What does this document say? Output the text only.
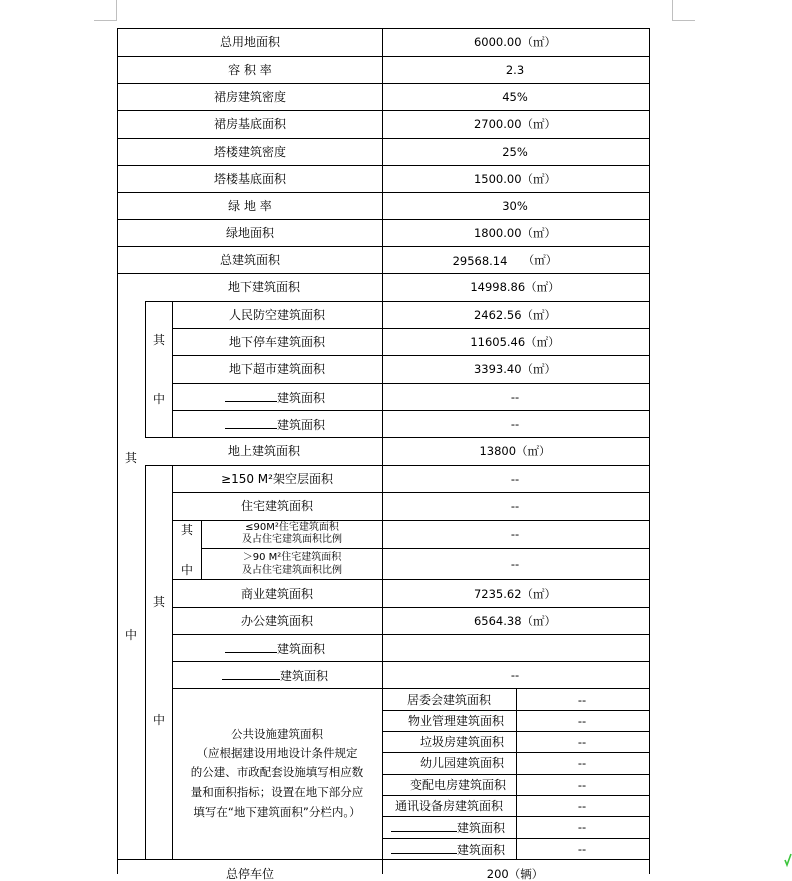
总用地面积	6000.00（㎡）
容 积 率	2.3
裙房建筑密度	45%
裙房基底面积	2700.00（㎡）
塔楼建筑密度	25%
塔楼基底面积	1500.00（㎡）
绿 地 率	30%
绿地面积	1800.00（㎡）
总建筑面积	29568.14 （㎡）
其
中
地下建筑面积	14998.86（㎡）
其
中
人民防空建筑面积	2462.56（㎡）
地下停车建筑面积	11605.46（㎡）
地下超市建筑面积	3393.40（㎡）
建筑面积	--
建筑面积	--
地上建筑面积	13800（㎡）
其
中
≥150 M²架空层面积	--
住宅建筑面积	--
其
中
≤90M²住宅建筑面积
及占住宅建筑面积比例	--
＞90 M²住宅建筑面积
及占住宅建筑面积比例	--
商业建筑面积	7235.62（㎡）
办公建筑面积	6564.38（㎡）
建筑面积
建筑面积	--
公共设施建筑面积
（应根据建设用地设计条件规定
的公建、市政配套设施填写相应数
量和面积指标；设置在地下部分应
填写在“地下建筑面积”分栏内。）
居委会建筑面积	--
物业管理建筑面积	--
垃圾房建筑面积	--
幼儿园建筑面积	--
变配电房建筑面积	--
通讯设备房建筑面积	--
建筑面积	--
建筑面积	--
总停车位	200（辆）
